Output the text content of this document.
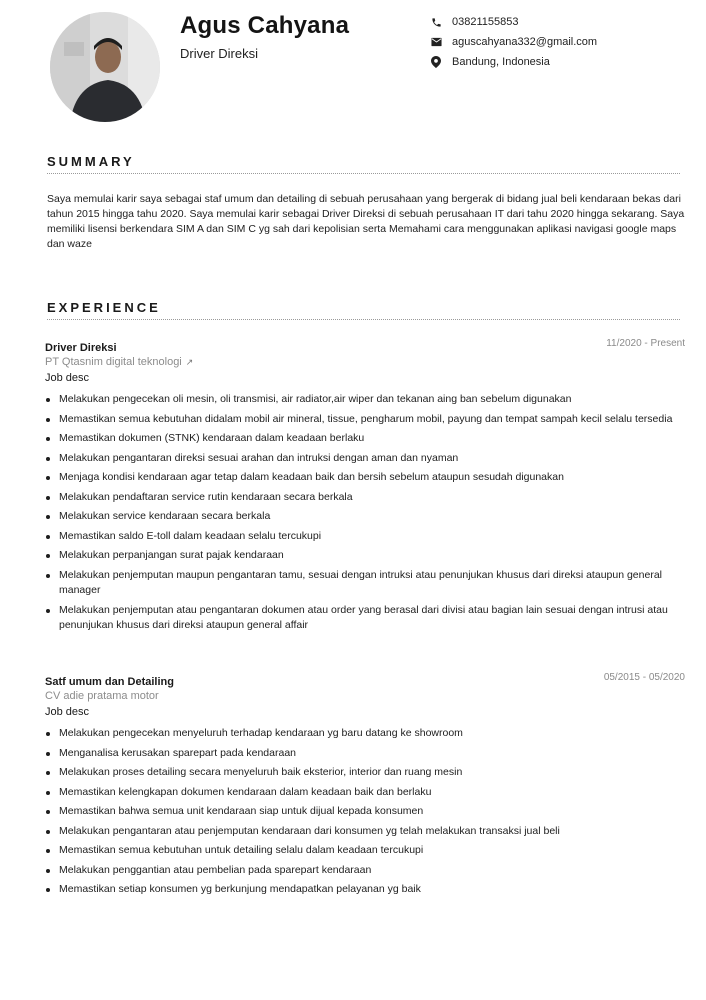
Agus Cahyana
Driver Direksi
03821155853
aguscahyana332@gmail.com
Bandung, Indonesia
SUMMARY

Saya memulai karir saya sebagai staf umum dan detailing di sebuah perusahaan yang bergerak di bidang jual beli kendaraan bekas dari tahun 2015 hingga tahu 2020. Saya memulai karir sebagai Driver Direksi di sebuah perusahaan IT dari tahu 2020 hingga sekarang. Saya memiliki lisensi berkendara SIM A dan SIM C yg sah dari kepolisian serta Memahami cara menggunakan aplikasi navigasi google maps dan waze

EXPERIENCE
Driver Direksi	11/2020 - Present
PT Qtasnim digital teknologi ↗
Job desc
Melakukan pengecekan oli mesin, oli transmisi, air radiator,air wiper dan tekanan aing ban sebelum digunakan
Memastikan semua kebutuhan didalam mobil air mineral, tissue, pengharum mobil, payung dan tempat sampah kecil selalu tersedia
Memastikan dokumen (STNK) kendaraan dalam keadaan berlaku
Melakukan pengantaran direksi sesuai arahan dan intruksi dengan aman dan nyaman
Menjaga kondisi kendaraan agar tetap dalam keadaan baik dan bersih sebelum ataupun sesudah digunakan
Melakukan pendaftaran service rutin kendaraan secara berkala
Melakukan service kendaraan secara berkala
Memastikan saldo E-toll dalam keadaan selalu tercukupi
Melakukan perpanjangan surat pajak kendaraan
Melakukan penjemputan maupun pengantaran tamu, sesuai dengan intruksi atau penunjukan khusus dari direksi ataupun general manager
Melakukan penjemputan atau pengantaran dokumen atau order yang berasal dari divisi atau bagian lain sesuai dengan intrusi atau penunjukan khusus dari direksi ataupun general affair
Satf umum dan Detailing	05/2015 - 05/2020
CV adie pratama motor
Job desc
Melakukan pengecekan menyeluruh terhadap kendaraan yg baru datang ke showroom
Menganalisa kerusakan sparepart pada kendaraan
Melakukan proses detailing secara menyeluruh baik eksterior, interior dan ruang mesin
Memastikan kelengkapan dokumen kendaraan dalam keadaan baik dan berlaku
Memastikan bahwa semua unit kendaraan siap untuk dijual kepada konsumen
Melakukan pengantaran atau penjemputan kendaraan dari konsumen yg telah melakukan transaksi jual beli
Memastikan semua kebutuhan untuk detailing selalu dalam keadaan tercukupi
Melakukan penggantian atau pembelian pada sparepart kendaraan
Memastikan setiap konsumen yg berkunjung mendapatkan pelayanan yg baik
